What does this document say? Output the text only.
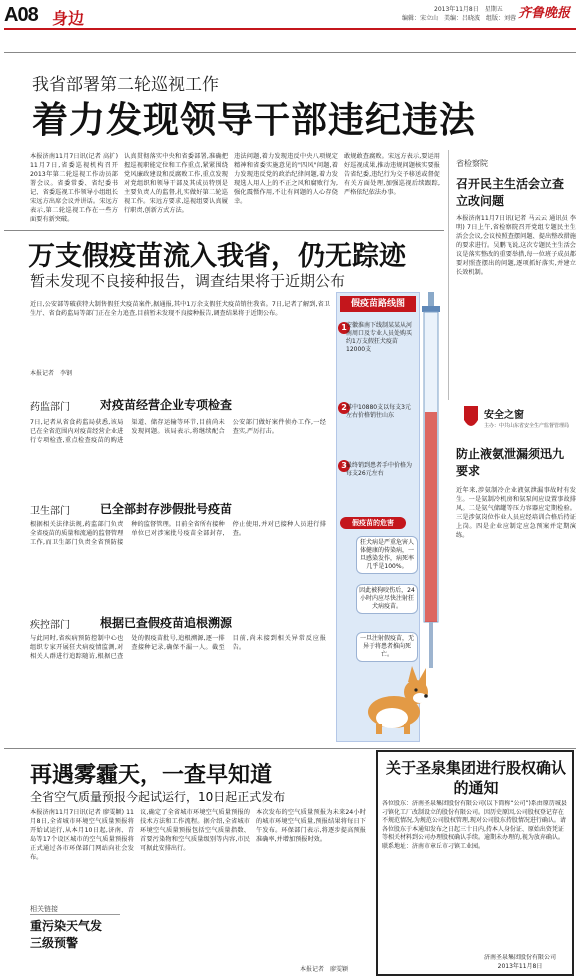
A08 身边	2013年11月8日　星期五
编辑：宋立山　美编：吕晓波　组版：刘蓉 齐鲁晚报
我省部署第二轮巡视工作
着力发现领导干部违纪违法
本报济南11月7日讯(记者 高扩) 11月7日,省委巡视机构召开2013年第二轮巡视工作动员部署会议。省委常委、省纪委书记、省委巡视工作领导小组组长宋远方出席会议并讲话。宋远方表示,第二轮巡视工作在一些方面要有新突破。
认真贯彻落实中央和省委部署,准确把握巡视职能定位和工作重点,紧紧围绕党风廉政建设和反腐败工作,重点发现对党组织和领导干部及其成员特别是主要负责人的监督,扎实做好第二轮巡视工作。宋远方要求,巡视组要认真履行职责,创新方式方法。
违法问题,着力发现违反中央八项规定精神和省委实施意见的"四风"问题,着力发现违反党的政治纪律问题,着力发现选人用人上的不正之风和腐败行为,强化震慑作用,不让有问题的人心存侥幸。
敢规敢查腐败。宋远方表示,要运用好巡视成果,推动违规问题核实要报告省纪委,违纪行为交予移送或督促有关方面处理,加强巡视后续跟踪,严格依纪依法办事。
省检察院
召开民主生活会立查立改问题
本报济南11月7日讯(记者 马云云 通讯员 李明) 7日上午,省检察院召开党组专题民主生活会会议,会议按照查摆问题、提出整改措施的要求进行。吴鹏飞说,这次专题民主生活会议是落实整改的重要举措,每一位班子成员都要对照查摆出的问题,逐项抓好落实,并建立长效机制。
万支假疫苗流入我省，仍无踪迹
暂未发现不良接种报告，调查结果将于近期公布
近日,公安部等破获特大制售假狂犬疫苗案件,据通报,其中1万余支假狂犬疫苗销往我省。7日,记者了解到,省卫生厅、省食药监局等部门正在全力追查,目前暂未发现不良接种报告,调查结果将于近期公布。
本报记者　李钢
药监部门	对疫苗经营企业专项检查
7日,记者从省食药监局获悉,该局已在全省范围内对疫苗经营企业进行专项检查,重点检查疫苗的购进渠道、储存运输等环节,目前尚未发现问题。该局表示,将继续配合公安部门做好案件侦办工作,一经查实,严厉打击。
卫生部门	已全部封存涉假批号疫苗
根据相关法律法规,药监部门负责全省疫苗的质量和流通的监督管理工作,而卫生部门负责全省预防接种的监督管理。目前全省所有接种单位已对涉案批号疫苗全部封存,停止使用,并对已接种人员进行排查。
疾控部门	根据已查假疫苗追根溯源
与此同时,省疾病预防控制中心也组织专家开展狂犬病疫情监测,对相关人群进行追踪随访,根据已查处的假疫苗批号,追根溯源,逐一排查接种记录,确保不漏一人。截至目前,尚未接到相关异常反应报告。
假疫苗路线图
1 安徽淮南下线制某某从河南周口及专业人员处购买约1万支假狂犬疫苗12000支
2 其中10880支以每支3元左右价格销往山东
3 最终销到患者手中价格为每支26元左右
假疫苗的危害
狂犬病是严重危害人体健康的传染病，一旦感染发作，病死率几乎是100%。
因此被狗咬伤后，24小时内应尽快注射狂犬病疫苗。
一旦注射假疫苗，无异于将患者推向死亡。
安全之窗
主办：中共山东省安全生产监督管理局
防止液氨泄漏须迅九要求
近年来,涉氨制冷企业液氨泄漏事故时有发生。一是氨制冷机房和氨泵间应设置事故排风。二是氨气储罐等压力容器应定期检验。三是涉氨岗位作业人员应经培训合格后持证上岗。四是企业应制定应急预案并定期演练。
再遇雾霾天，一查早知道
全省空气质量预报今起试运行，10日起正式发布
本报济南11月7日讯(记者 廖雯颖) 11月8日,全省城市环境空气质量预报将开始试运行,从本月10日起,济南、青岛等17个设区城市的空气质量预报将正式通过各市环保部门网站向社会发布。
议,确定了全省城市环境空气质量预报的技术方法和工作流程。据介绍,全省城市环境空气质量预报包括空气质量指数、首要污染物和空气质量级别等内容,市民可据此安排出行。
本次发布的空气质量预报为未来24小时的城市环境空气质量,预报结果将每日下午发布。环保部门表示,将逐步提高预报准确率,并增加预报时效。
相关链接
重污染天气发三级预警
本报记者　廖雯颖
关于圣泉集团进行股权确认的通知
各位股东：济南圣泉集团股份有限公司(以下简称“公司”)系由原历城县刁镇化工厂改制设立的股份有限公司。因历史原因,公司股权登记存在不规范情况,为规范公司股权管理,现对公司股东持股情况进行确认。请各位股东于本通知发布之日起三十日内,持本人身份证、原始出资凭证等相关材料到公司办理股权确认手续。逾期未办理的,视为放弃确认。联系地址：济南市章丘市刁镇工业园。
济南圣泉集团股份有限公司
2013年11月8日
